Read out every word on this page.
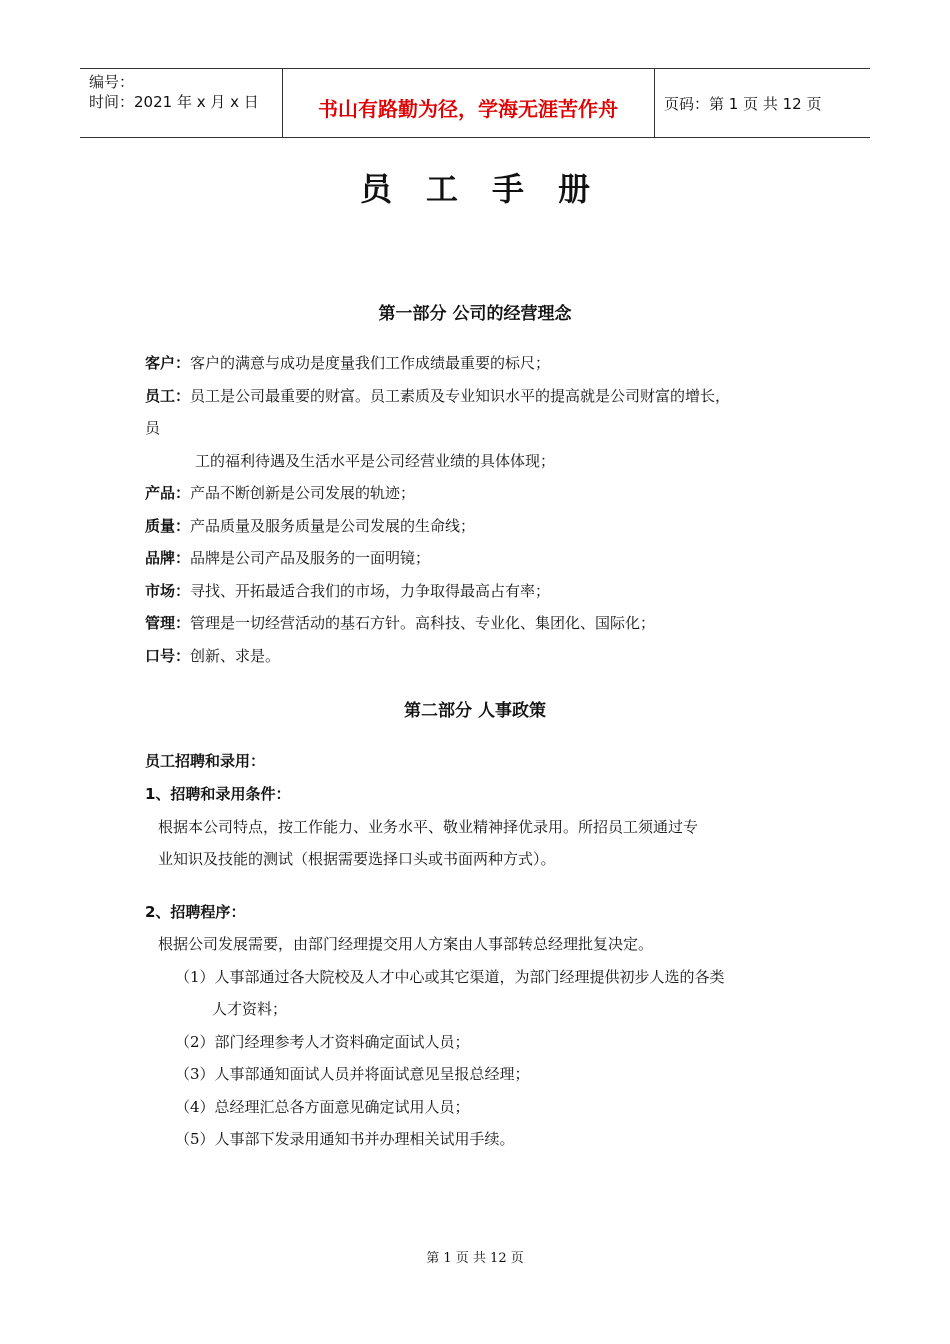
编号：
时间：2021 年 x 月 x 日	书山有路勤为径，学海无涯苦作舟	页码：第 1 页 共 12 页
员工手册
第一部分 公司的经营理念
客户：客户的满意与成功是度量我们工作成绩最重要的标尺；
员工：员工是公司最重要的财富。员工素质及专业知识水平的提高就是公司财富的增长，
员
工的福利待遇及生活水平是公司经营业绩的具体体现；
产品：产品不断创新是公司发展的轨迹；
质量：产品质量及服务质量是公司发展的生命线；
品牌：品牌是公司产品及服务的一面明镜；
市场：寻找、开拓最适合我们的市场，力争取得最高占有率；
管理：管理是一切经营活动的基石方针。高科技、专业化、集团化、国际化；
口号：创新、求是。
第二部分 人事政策
员工招聘和录用：
1、招聘和录用条件：
根据本公司特点，按工作能力、业务水平、敬业精神择优录用。所招员工须通过专
业知识及技能的测试（根据需要选择口头或书面两种方式）。
2、招聘程序：
根据公司发展需要，由部门经理提交用人方案由人事部转总经理批复决定。
（1）人事部通过各大院校及人才中心或其它渠道，为部门经理提供初步人选的各类
人才资料；
（2）部门经理参考人才资料确定面试人员；
（3）人事部通知面试人员并将面试意见呈报总经理；
（4）总经理汇总各方面意见确定试用人员；
（5）人事部下发录用通知书并办理相关试用手续。
第 1 页 共 12 页
